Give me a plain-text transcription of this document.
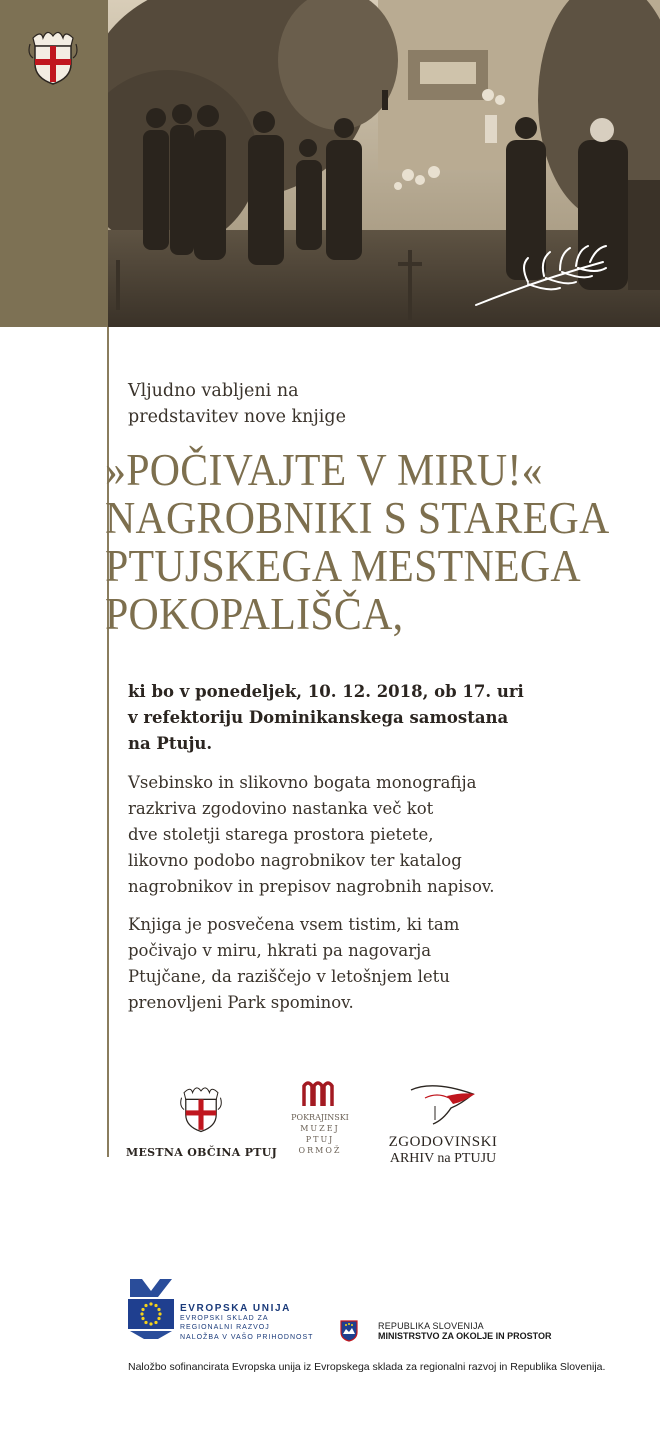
Vljudno vabljeni na
predstavitev nove knjige
»POČIVAJTE V MIRU!«
NAGROBNIKI S STAREGA
PTUJSKEGA MESTNEGA
POKOPALIŠČA,
ki bo v ponedeljek, 10. 12. 2018, ob 17. uri
v refektoriju Dominikanskega samostana
na Ptuju.
Vsebinsko in slikovno bogata monografija
razkriva zgodovino nastanka več kot
dve stoletji starega prostora pietete,
likovno podobo nagrobnikov ter katalog
nagrobnikov in prepisov nagrobnih napisov.
Knjiga je posvečena vsem tistim, ki tam
počivajo v miru, hkrati pa nagovarja
Ptujčane, da raziščejo v letošnjem letu
prenovljeni Park spominov.
MESTNA OBČINA PTUJ
POKRAJINSKI
MUZEJ
PTUJ
ORMOŽ
ZGODOVINSKI
ARHIV na PTUJU
EVROPSKA UNIJA
EVROPSKI SKLAD ZA
REGIONALNI RAZVOJ
NALOŽBA V VAŠO PRIHODNOST
REPUBLIKA SLOVENIJA
MINISTRSTVO ZA OKOLJE IN PROSTOR
Naložbo sofinancirata Evropska unija iz Evropskega sklada za regionalni razvoj in Republika Slovenija.
